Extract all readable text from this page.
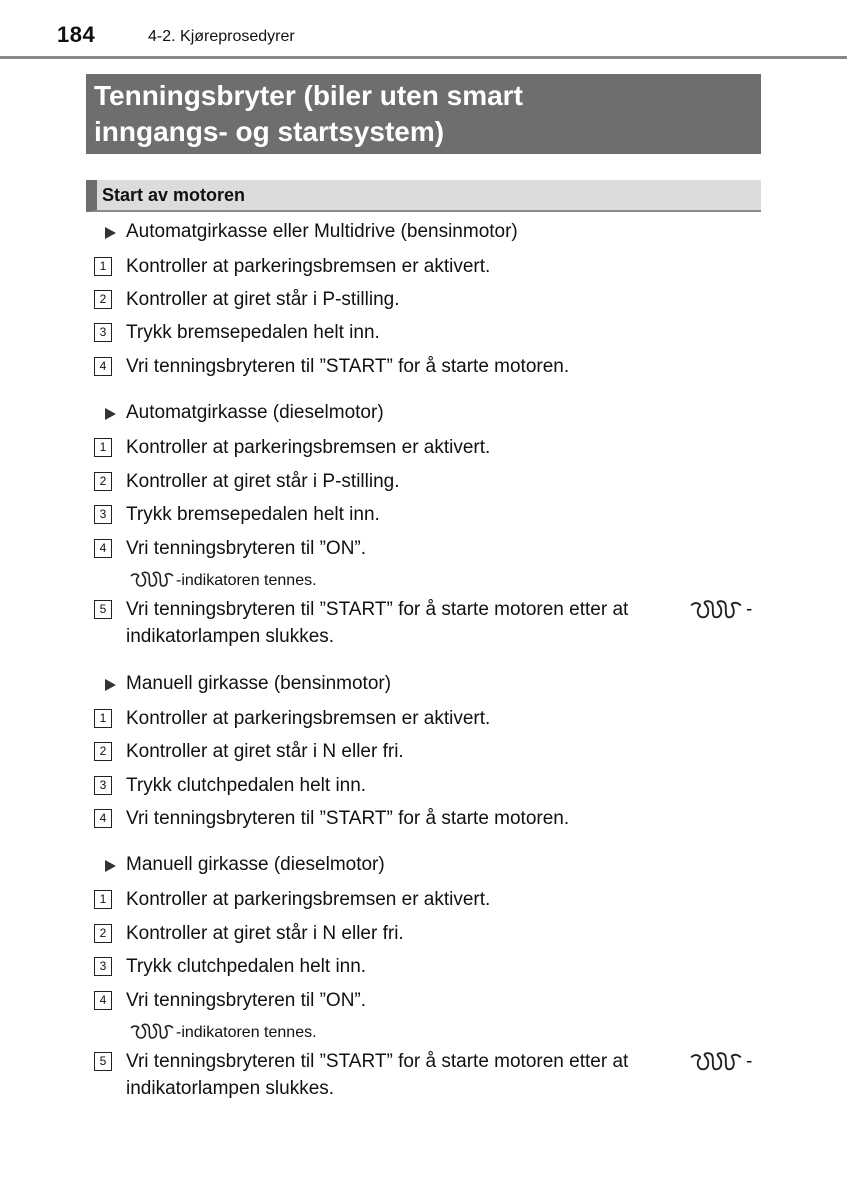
184	4-2. Kjøreprosedyrer
Tenningsbryter (biler uten smart
inngangs- og startsystem)
Start av motoren
Automatgirkasse eller Multidrive (bensinmotor)
1 Kontroller at parkeringsbremsen er aktivert.
2 Kontroller at giret står i P-stilling.
3 Trykk bremsepedalen helt inn.
4 Vri tenningsbryteren til ”START” for å starte motoren.
Automatgirkasse (dieselmotor)
1 Kontroller at parkeringsbremsen er aktivert.
2 Kontroller at giret står i P-stilling.
3 Trykk bremsepedalen helt inn.
4 Vri tenningsbryteren til ”ON”.
-indikatoren tennes.
5 Vri tenningsbryteren til ”START” for å starte motoren etter at	-
indikatorlampen slukkes.
Manuell girkasse (bensinmotor)
1 Kontroller at parkeringsbremsen er aktivert.
2 Kontroller at giret står i N eller fri.
3 Trykk clutchpedalen helt inn.
4 Vri tenningsbryteren til ”START” for å starte motoren.
Manuell girkasse (dieselmotor)
1 Kontroller at parkeringsbremsen er aktivert.
2 Kontroller at giret står i N eller fri.
3 Trykk clutchpedalen helt inn.
4 Vri tenningsbryteren til ”ON”.
-indikatoren tennes.
5 Vri tenningsbryteren til ”START” for å starte motoren etter at	-
indikatorlampen slukkes.
